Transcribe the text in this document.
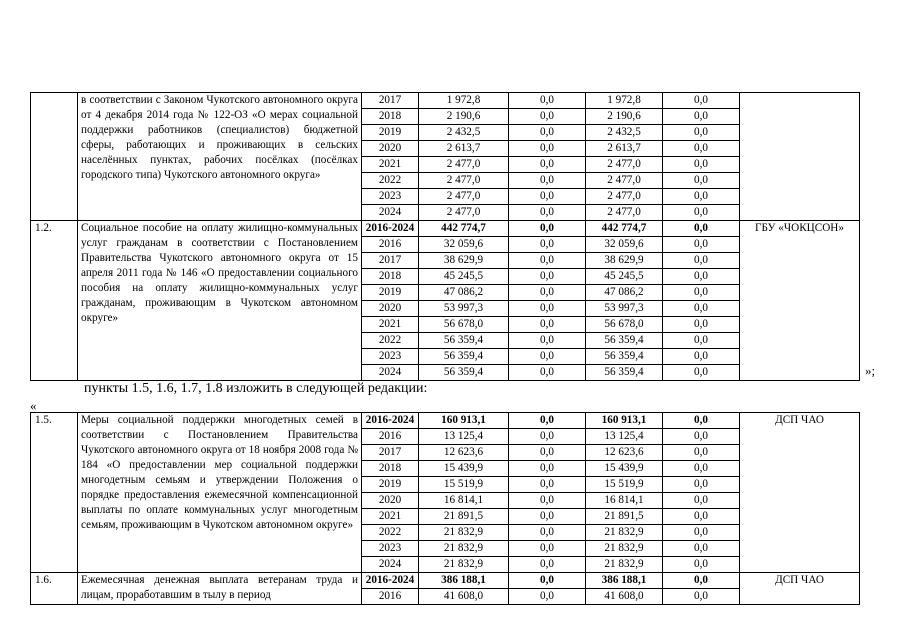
	в соответствии с Законом Чукотского автономного округа от 4 декабря 2014 года № 122-ОЗ «О мерах социальной поддержки работников (специалистов) бюджетной сферы, работающих и проживающих в сельских населённых пунктах, рабочих посёлках (посёлках городского типа) Чукотского автономного округа»	2017	1 972,8	0,0	1 972,8	0,0	
		2018	2 190,6	0,0	2 190,6	0,0	
		2019	2 432,5	0,0	2 432,5	0,0	
		2020	2 613,7	0,0	2 613,7	0,0	
		2021	2 477,0	0,0	2 477,0	0,0	
		2022	2 477,0	0,0	2 477,0	0,0	
		2023	2 477,0	0,0	2 477,0	0,0	
		2024	2 477,0	0,0	2 477,0	0,0	
1.2.	Социальное пособие на оплату жилищно-коммунальных услуг гражданам в соответствии с Постановлением Правительства Чукотского автономного округа от 15 апреля 2011 года № 146 «О предоставлении социального пособия на оплату жилищно-коммунальных услуг гражданам, проживающим в Чукотском автономном округе»	2016-2024	442 774,7	0,0	442 774,7	0,0	ГБУ «ЧОКЦСОН»
		2016	32 059,6	0,0	32 059,6	0,0	
		2017	38 629,9	0,0	38 629,9	0,0	
		2018	45 245,5	0,0	45 245,5	0,0	
		2019	47 086,2	0,0	47 086,2	0,0	
		2020	53 997,3	0,0	53 997,3	0,0	
		2021	56 678,0	0,0	56 678,0	0,0	
		2022	56 359,4	0,0	56 359,4	0,0	
		2023	56 359,4	0,0	56 359,4	0,0	
		2024	56 359,4	0,0	56 359,4	0,0		»;
пункты 1.5, 1.6, 1.7, 1.8 изложить в следующей редакции:
«
1.5.	Меры социальной поддержки многодетных семей в соответствии с Постановлением Правительства Чукотского автономного округа от 18 ноября 2008 года № 184 «О предоставлении мер социальной поддержки многодетным семьям и утверждении Положения о порядке предоставления ежемесячной компенсационной выплаты по оплате коммунальных услуг многодетным семьям, проживающим в Чукотском автономном округе»	2016-2024	160 913,1	0,0	160 913,1	0,0	ДСП ЧАО
		2016	13 125,4	0,0	13 125,4	0,0	
		2017	12 623,6	0,0	12 623,6	0,0	
		2018	15 439,9	0,0	15 439,9	0,0	
		2019	15 519,9	0,0	15 519,9	0,0	
		2020	16 814,1	0,0	16 814,1	0,0	
		2021	21 891,5	0,0	21 891,5	0,0	
		2022	21 832,9	0,0	21 832,9	0,0	
		2023	21 832,9	0,0	21 832,9	0,0	
		2024	21 832,9	0,0	21 832,9	0,0	
1.6.	Ежемесячная денежная выплата ветеранам труда и лицам, проработавшим в тылу в период	2016-2024	386 188,1	0,0	386 188,1	0,0	ДСП ЧАО
		2016	41 608,0	0,0	41 608,0	0,0	
